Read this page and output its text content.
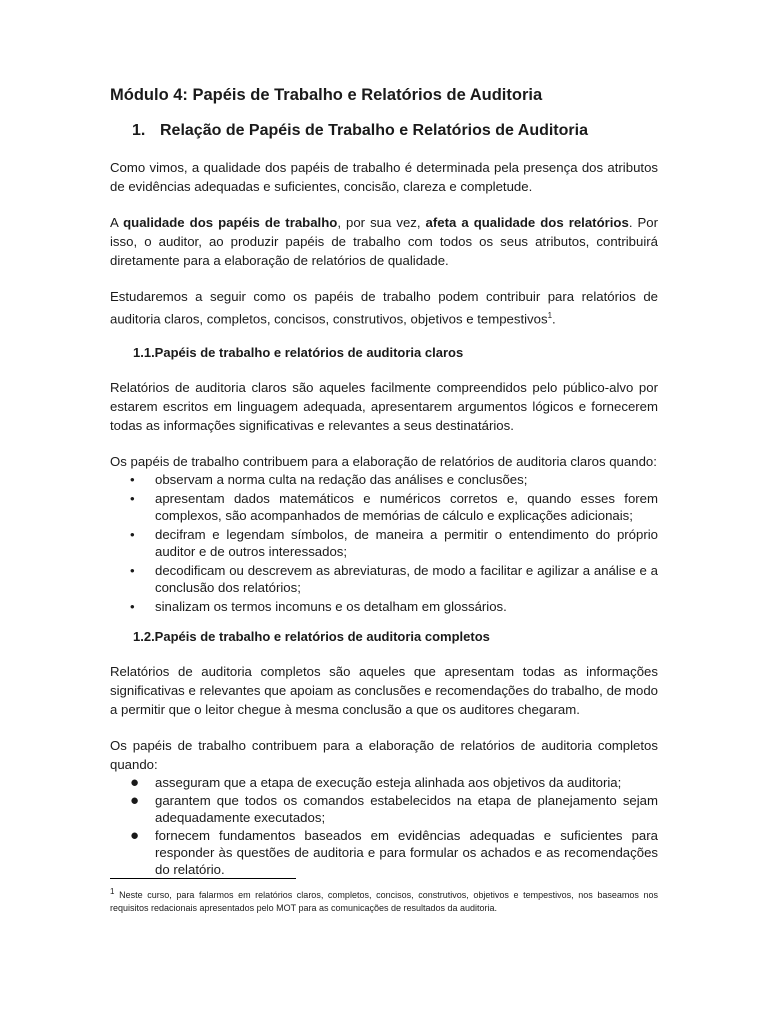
Módulo 4: Papéis de Trabalho e Relatórios de Auditoria
1. Relação de Papéis de Trabalho e Relatórios de Auditoria

Como vimos, a qualidade dos papéis de trabalho é determinada pela presença dos atributos de evidências adequadas e suficientes, concisão, clareza e completude.

A qualidade dos papéis de trabalho, por sua vez, afeta a qualidade dos relatórios. Por isso, o auditor, ao produzir papéis de trabalho com todos os seus atributos, contribuirá diretamente para a elaboração de relatórios de qualidade.

Estudaremos a seguir como os papéis de trabalho podem contribuir para relatórios de auditoria claros, completos, concisos, construtivos, objetivos e tempestivos$^1$.

1.1.Papéis de trabalho e relatórios de auditoria claros

Relatórios de auditoria claros são aqueles facilmente compreendidos pelo público-alvo por estarem escritos em linguagem adequada, apresentarem argumentos lógicos e fornecerem todas as informações significativas e relevantes a seus destinatários.

Os papéis de trabalho contribuem para a elaboração de relatórios de auditoria claros quando:

• observam a norma culta na redação das análises e conclusões;
• apresentam dados matemáticos e numéricos corretos e, quando esses forem complexos, são acompanhados de memórias de cálculo e explicações adicionais;
• decifram e legendam símbolos, de maneira a permitir o entendimento do próprio auditor e de outros interessados;
• decodificam ou descrevem as abreviaturas, de modo a facilitar e agilizar a análise e a conclusão dos relatórios;
• sinalizam os termos incomuns e os detalham em glossários.
1.2.Papéis de trabalho e relatórios de auditoria completos

Relatórios de auditoria completos são aqueles que apresentam todas as informações significativas e relevantes que apoiam as conclusões e recomendações do trabalho, de modo a permitir que o leitor chegue à mesma conclusão a que os auditores chegaram.

Os papéis de trabalho contribuem para a elaboração de relatórios de auditoria completos quando:

● asseguram que a etapa de execução esteja alinhada aos objetivos da auditoria;
● garantem que todos os comandos estabelecidos na etapa de planejamento sejam adequadamente executados;
● fornecem fundamentos baseados em evidências adequadas e suficientes para responder às questões de auditoria e para formular os achados e as recomendações do relatório.
$^1$ Neste curso, para falarmos em relatórios claros, completos, concisos, construtivos, objetivos e tempestivos, nos baseamos nos requisitos redacionais apresentados pelo MOT para as comunicações de resultados da auditoria.
